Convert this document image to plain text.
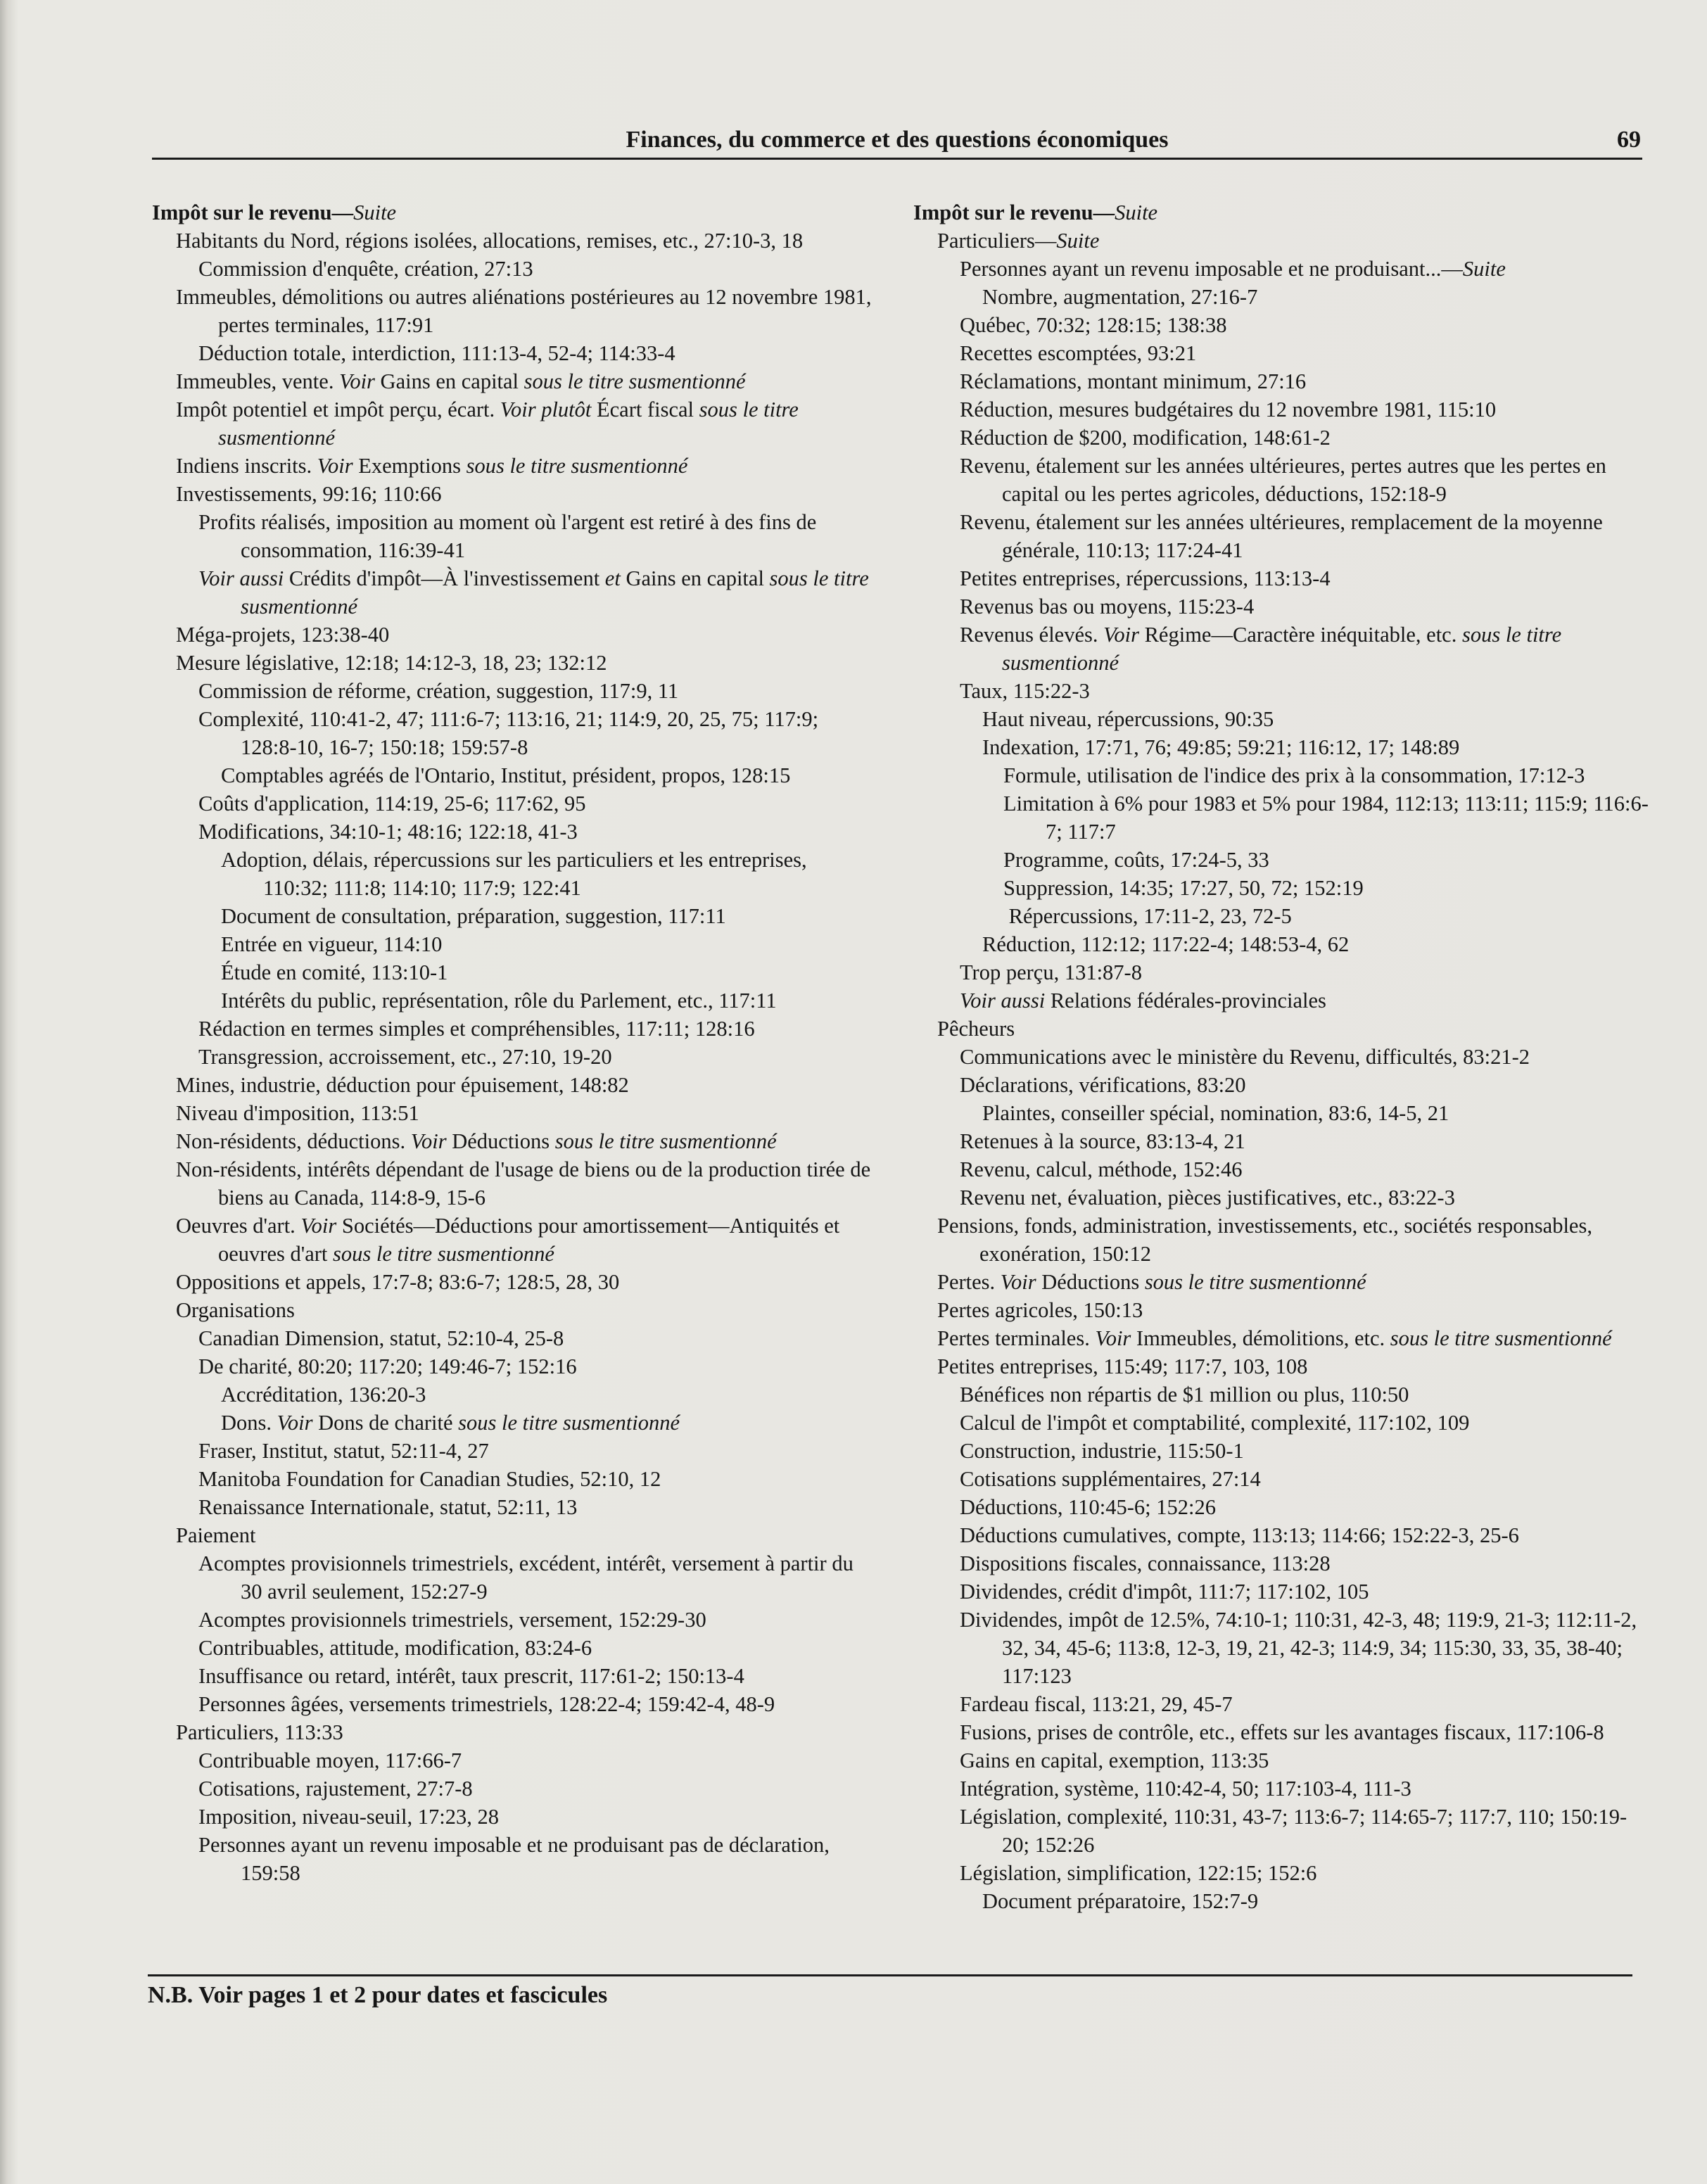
Finances, du commerce et des questions économiques	69

Impôt sur le revenu—Suite

Habitants du Nord, régions isolées, allocations, remises, etc., 27:10-3, 18

Commission d'enquête, création, 27:13

Immeubles, démolitions ou autres aliénations postérieures au 12 novembre 1981, pertes terminales, 117:91

Déduction totale, interdiction, 111:13-4, 52-4; 114:33-4

Immeubles, vente. Voir Gains en capital sous le titre susmentionné

Impôt potentiel et impôt perçu, écart. Voir plutôt Écart fiscal sous le titre susmentionné

Indiens inscrits. Voir Exemptions sous le titre susmentionné

Investissements, 99:16; 110:66

Profits réalisés, imposition au moment où l'argent est retiré à des fins de consommation, 116:39-41

Voir aussi Crédits d'impôt—À l'investissement et Gains en capital sous le titre susmentionné

Méga-projets, 123:38-40

Mesure législative, 12:18; 14:12-3, 18, 23; 132:12

Commission de réforme, création, suggestion, 117:9, 11

Complexité, 110:41-2, 47; 111:6-7; 113:16, 21; 114:9, 20, 25, 75; 117:9; 128:8-10, 16-7; 150:18; 159:57-8

Comptables agréés de l'Ontario, Institut, président, propos, 128:15

Coûts d'application, 114:19, 25-6; 117:62, 95

Modifications, 34:10-1; 48:16; 122:18, 41-3

Adoption, délais, répercussions sur les particuliers et les entreprises, 110:32; 111:8; 114:10; 117:9; 122:41

Document de consultation, préparation, suggestion, 117:11

Entrée en vigueur, 114:10

Étude en comité, 113:10-1

Intérêts du public, représentation, rôle du Parlement, etc., 117:11

Rédaction en termes simples et compréhensibles, 117:11; 128:16

Transgression, accroissement, etc., 27:10, 19-20

Mines, industrie, déduction pour épuisement, 148:82

Niveau d'imposition, 113:51

Non-résidents, déductions. Voir Déductions sous le titre susmentionné

Non-résidents, intérêts dépendant de l'usage de biens ou de la production tirée de biens au Canada, 114:8-9, 15-6

Oeuvres d'art. Voir Sociétés—Déductions pour amortissement—Antiquités et oeuvres d'art sous le titre susmentionné

Oppositions et appels, 17:7-8; 83:6-7; 128:5, 28, 30

Organisations

Canadian Dimension, statut, 52:10-4, 25-8

De charité, 80:20; 117:20; 149:46-7; 152:16

Accréditation, 136:20-3

Dons. Voir Dons de charité sous le titre susmentionné

Fraser, Institut, statut, 52:11-4, 27

Manitoba Foundation for Canadian Studies, 52:10, 12

Renaissance Internationale, statut, 52:11, 13

Paiement

Acomptes provisionnels trimestriels, excédent, intérêt, versement à partir du 30 avril seulement, 152:27-9

Acomptes provisionnels trimestriels, versement, 152:29-30

Contribuables, attitude, modification, 83:24-6

Insuffisance ou retard, intérêt, taux prescrit, 117:61-2; 150:13-4

Personnes âgées, versements trimestriels, 128:22-4; 159:42-4, 48-9

Particuliers, 113:33

Contribuable moyen, 117:66-7

Cotisations, rajustement, 27:7-8

Imposition, niveau-seuil, 17:23, 28

Personnes ayant un revenu imposable et ne produisant pas de déclaration, 159:58

Impôt sur le revenu—Suite

Particuliers—Suite

Personnes ayant un revenu imposable et ne produisant...—Suite

Nombre, augmentation, 27:16-7

Québec, 70:32; 128:15; 138:38

Recettes escomptées, 93:21

Réclamations, montant minimum, 27:16

Réduction, mesures budgétaires du 12 novembre 1981, 115:10

Réduction de $200, modification, 148:61-2

Revenu, étalement sur les années ultérieures, pertes autres que les pertes en capital ou les pertes agricoles, déductions, 152:18-9

Revenu, étalement sur les années ultérieures, remplacement de la moyenne générale, 110:13; 117:24-41

Petites entreprises, répercussions, 113:13-4

Revenus bas ou moyens, 115:23-4

Revenus élevés. Voir Régime—Caractère inéquitable, etc. sous le titre susmentionné

Taux, 115:22-3

Haut niveau, répercussions, 90:35

Indexation, 17:71, 76; 49:85; 59:21; 116:12, 17; 148:89

Formule, utilisation de l'indice des prix à la consommation, 17:12-3

Limitation à 6% pour 1983 et 5% pour 1984, 112:13; 113:11; 115:9; 116:6-7; 117:7

Programme, coûts, 17:24-5, 33

Suppression, 14:35; 17:27, 50, 72; 152:19

Répercussions, 17:11-2, 23, 72-5

Réduction, 112:12; 117:22-4; 148:53-4, 62

Trop perçu, 131:87-8

Voir aussi Relations fédérales-provinciales

Pêcheurs

Communications avec le ministère du Revenu, difficultés, 83:21-2

Déclarations, vérifications, 83:20

Plaintes, conseiller spécial, nomination, 83:6, 14-5, 21

Retenues à la source, 83:13-4, 21

Revenu, calcul, méthode, 152:46

Revenu net, évaluation, pièces justificatives, etc., 83:22-3

Pensions, fonds, administration, investissements, etc., sociétés responsables, exonération, 150:12

Pertes. Voir Déductions sous le titre susmentionné

Pertes agricoles, 150:13

Pertes terminales. Voir Immeubles, démolitions, etc. sous le titre susmentionné

Petites entreprises, 115:49; 117:7, 103, 108

Bénéfices non répartis de $1 million ou plus, 110:50

Calcul de l'impôt et comptabilité, complexité, 117:102, 109

Construction, industrie, 115:50-1

Cotisations supplémentaires, 27:14

Déductions, 110:45-6; 152:26

Déductions cumulatives, compte, 113:13; 114:66; 152:22-3, 25-6

Dispositions fiscales, connaissance, 113:28

Dividendes, crédit d'impôt, 111:7; 117:102, 105

Dividendes, impôt de 12.5%, 74:10-1; 110:31, 42-3, 48; 119:9, 21-3; 112:11-2, 32, 34, 45-6; 113:8, 12-3, 19, 21, 42-3; 114:9, 34; 115:30, 33, 35, 38-40; 117:123

Fardeau fiscal, 113:21, 29, 45-7

Fusions, prises de contrôle, etc., effets sur les avantages fiscaux, 117:106-8

Gains en capital, exemption, 113:35

Intégration, système, 110:42-4, 50; 117:103-4, 111-3

Législation, complexité, 110:31, 43-7; 113:6-7; 114:65-7; 117:7, 110; 150:19-20; 152:26

Législation, simplification, 122:15; 152:6

Document préparatoire, 152:7-9

N.B. Voir pages 1 et 2 pour dates et fascicules
